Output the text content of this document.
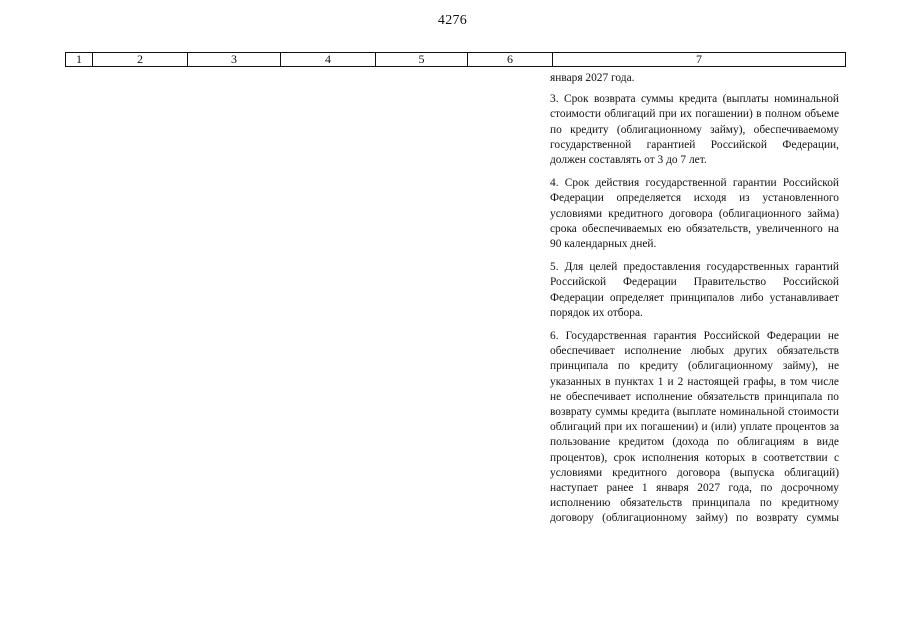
4276
1	2	3	4	5	6	7

января 2027 года.

3. Срок возврата суммы кредита (выплаты номинальной стоимости облигаций при их погашении) в полном объеме по кредиту (облигационному займу), обеспечиваемому государственной гарантией Российской Федерации, должен составлять от 3 до 7 лет.

4. Срок действия государственной гарантии Российской Федерации определяется исходя из установленного условиями кредитного договора (облигационного займа) срока обеспечиваемых ею обязательств, увеличенного на 90 календарных дней.

5. Для целей предоставления государственных гарантий Российской Федерации Правительство Российской Федерации определяет принципалов либо устанавливает порядок их отбора.

6. Государственная гарантия Российской Федерации не обеспечивает исполнение любых других обязательств принципала по кредиту (облигационному займу), не указанных в пунктах 1 и 2 настоящей графы, в том числе не обеспечивает исполнение обязательств принципала по возврату суммы кредита (выплате номинальной стоимости облигаций при их погашении) и (или) уплате процентов за пользование кредитом (дохода по облигациям в виде процентов), срок исполнения которых в соответствии с условиями кредитного договора (выпуска облигаций) наступает ранее 1 января 2027 года, по досрочному исполнению обязательств принципала по кредитному договору (облигационному займу) по возврату суммы
